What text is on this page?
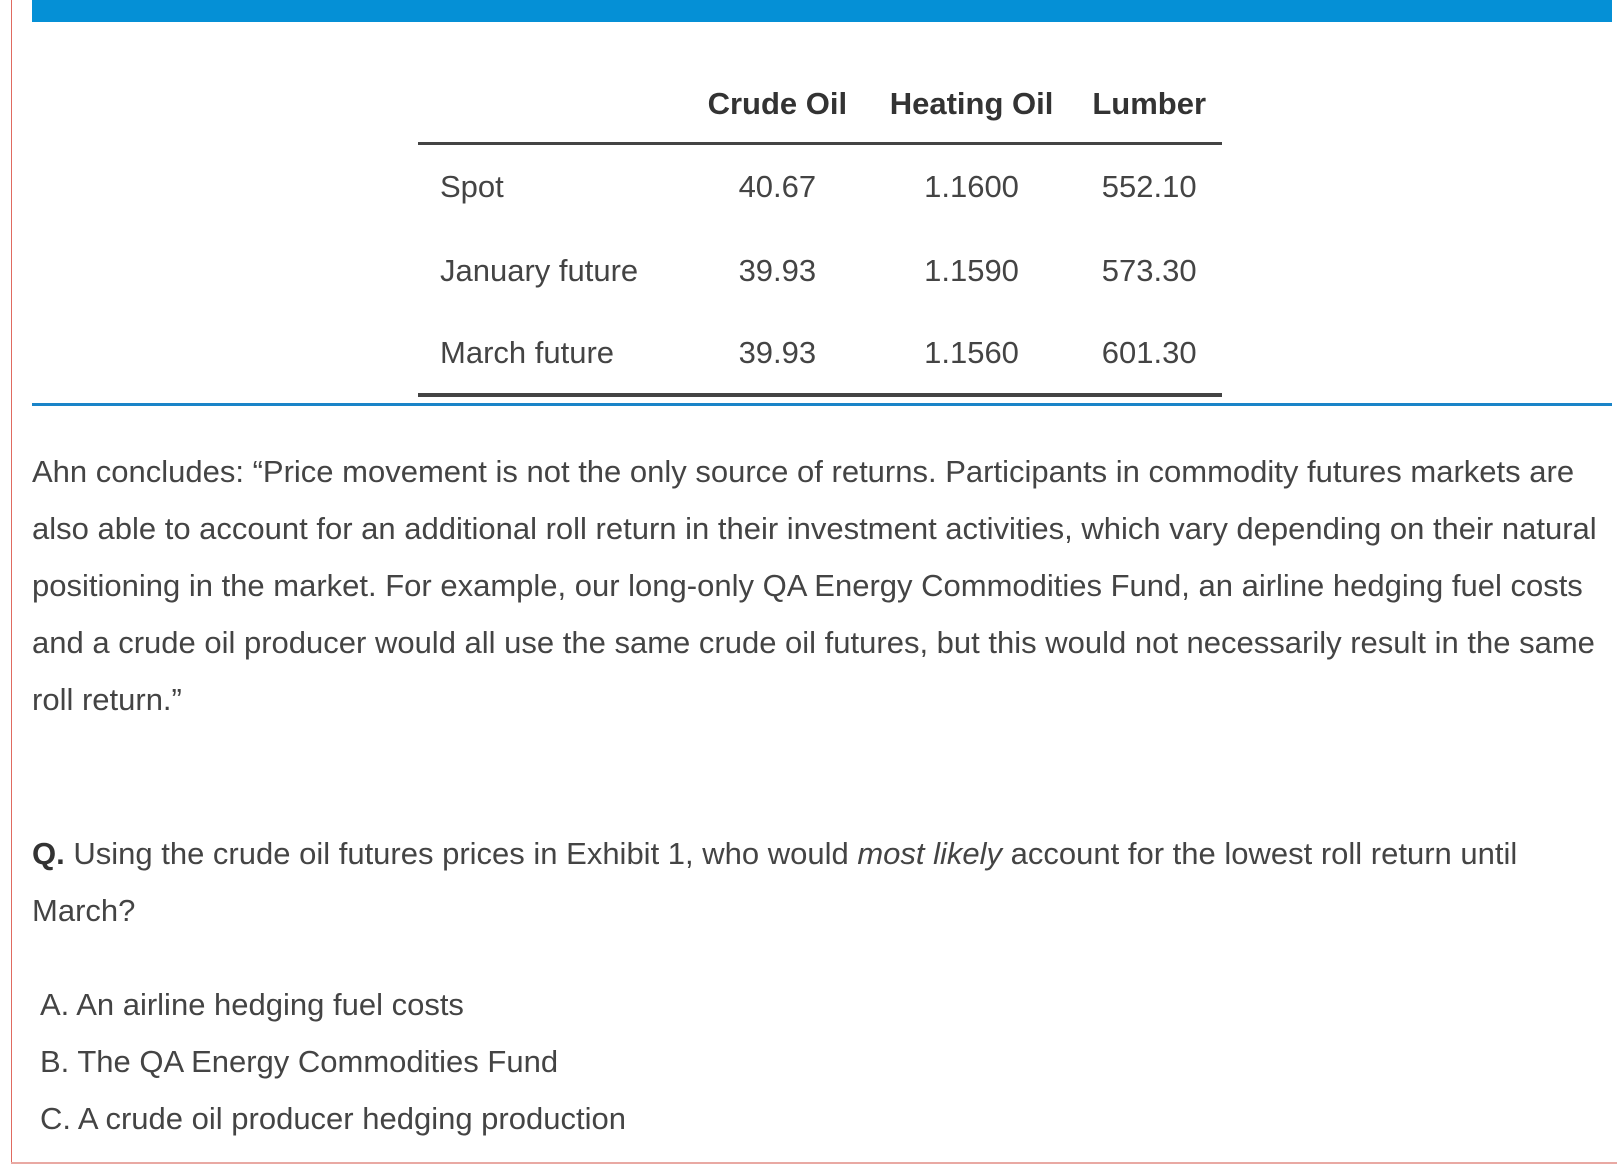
	Crude Oil	Heating Oil	Lumber
Spot	40.67	1.1600	552.10
January future	39.93	1.1590	573.30
March future	39.93	1.1560	601.30

Ahn concludes: “Price movement is not the only source of returns. Participants in commodity futures markets are also able to account for an additional roll return in their investment activities, which vary depending on their natural positioning in the market. For example, our long-only QA Energy Commodities Fund, an airline hedging fuel costs and a crude oil producer would all use the same crude oil futures, but this would not necessarily result in the same roll return.”

Q. Using the crude oil futures prices in Exhibit 1, who would most likely account for the lowest roll return until March?

A. An airline hedging fuel costs
B. The QA Energy Commodities Fund
C. A crude oil producer hedging production
